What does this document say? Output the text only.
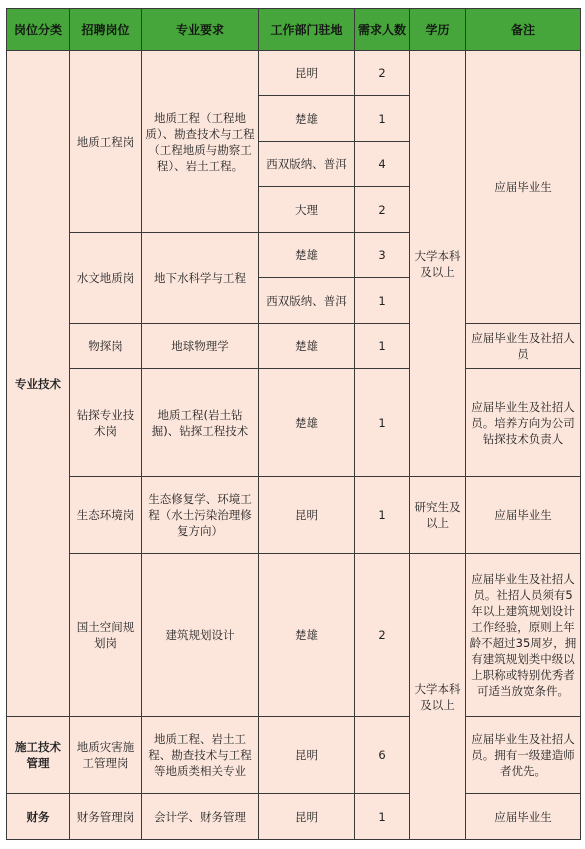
岗位分类	招聘岗位	专业要求	工作部门驻地	需求人数	学历	备注
专业技术	地质工程岗	地质工程（工程地质）、勘查技术与工程（工程地质与勘察工程）、岩土工程。	昆明	2	大学本科及以上	应届毕业生
			楚雄	1		
			西双版纳、普洱	4		
			大理	2		
	水文地质岗	地下水科学与工程	楚雄	3		
			西双版纳、普洱	1		
	物探岗	地球物理学	楚雄	1		应届毕业生及社招人员
	钻探专业技术岗	地质工程(岩土钻掘)、钻探工程技术	楚雄	1		应届毕业生及社招人员。培养方向为公司钻探技术负责人
	生态环境岗	生态修复学、环境工程（水土污染治理修复方向）	昆明	1	研究生及以上	应届毕业生
	国土空间规划岗	建筑规划设计	楚雄	2	大学本科及以上	应届毕业生及社招人员。社招人员须有5年以上建筑规划设计工作经验，原则上年龄不超过35周岁，拥有建筑规划类中级以上职称或特别优秀者可适当放宽条件。
施工技术管理	地质灾害施工管理岗	地质工程、岩土工程、勘查技术与工程等地质类相关专业	昆明	6		应届毕业生及社招人员。拥有一级建造师者优先。
财务	财务管理岗	会计学、财务管理	昆明	1		应届毕业生
